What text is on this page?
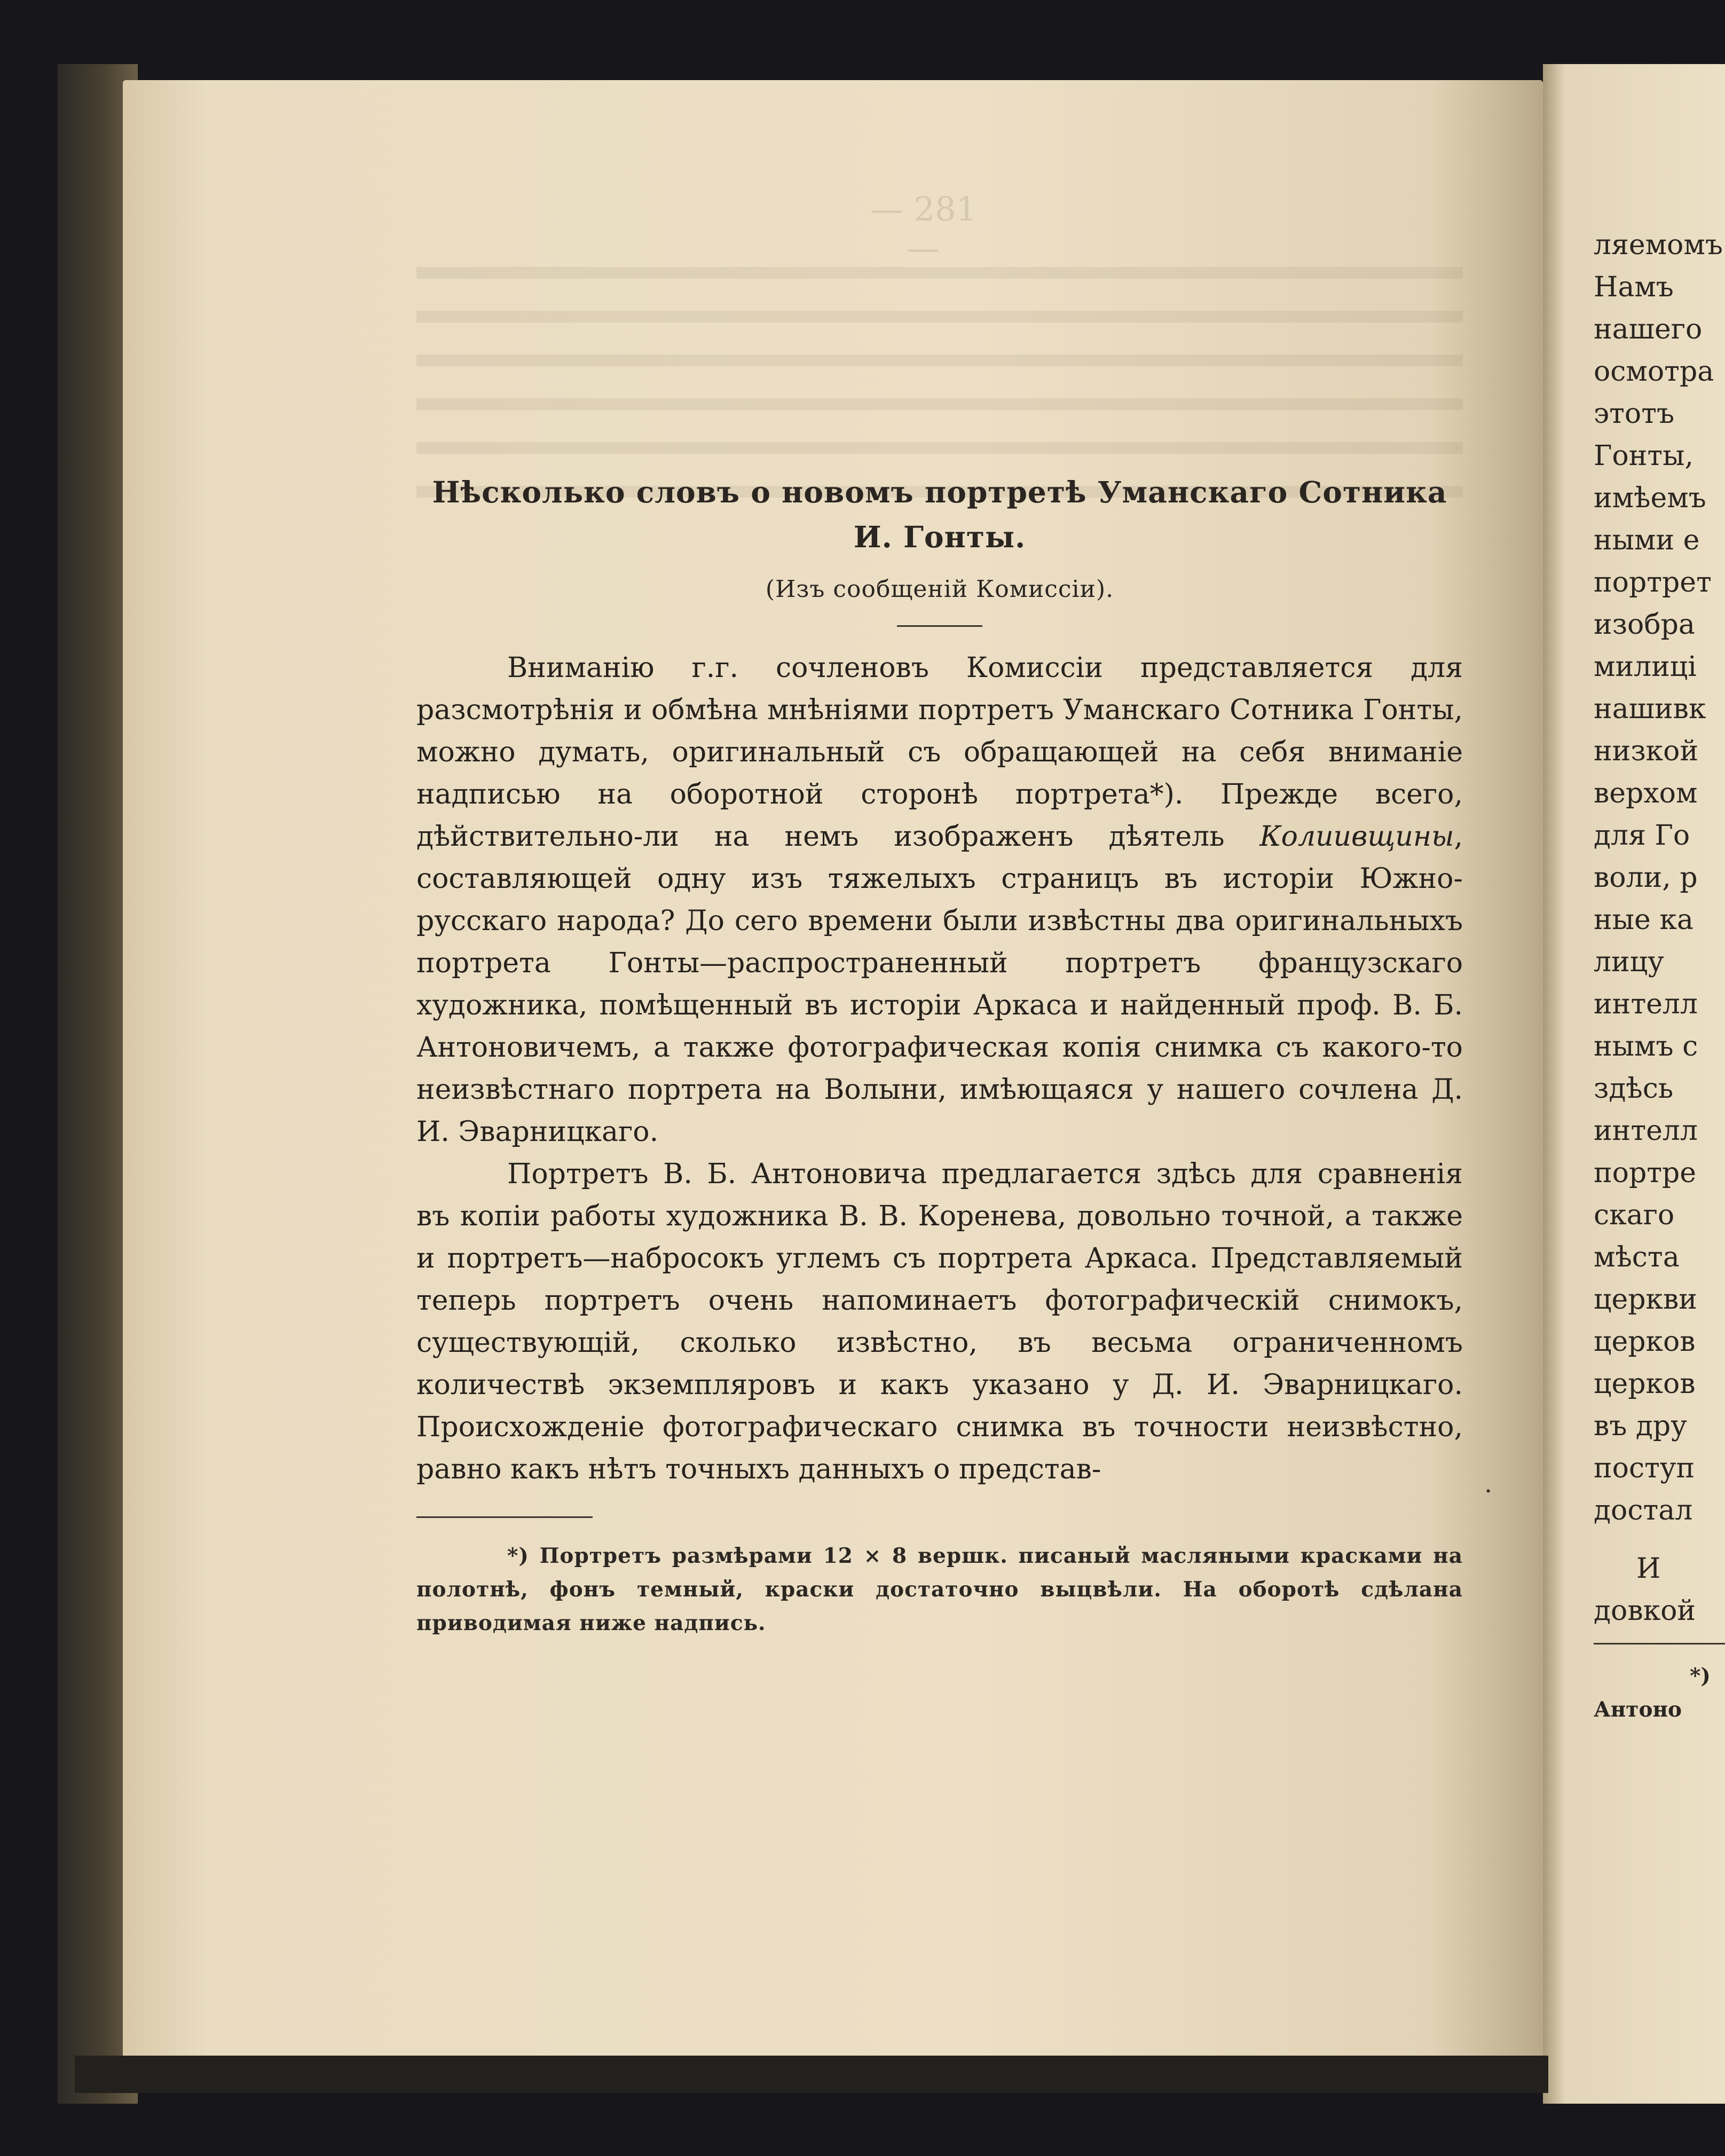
— 281 —
Нѣсколько словъ о новомъ портретѣ Уманскаго Сотника
И. Гонты.
(Изъ сообщеній Комиссіи).

Вниманію г.г. сочленовъ Комиссіи представляется для разсмотрѣнія и обмѣна мнѣніями портретъ Уманскаго Сотника Гонты, можно думать, оригинальный съ обращающей на себя вниманіе надписью на оборотной сторонѣ портрета*). Прежде всего, дѣйствительно-ли на немъ изображенъ дѣятель Колиивщины, составляющей одну изъ тяжелыхъ страницъ въ исторіи Южно-русскаго народа? До сего времени были извѣстны два оригинальныхъ портрета Гонты—распространенный портретъ французскаго художника, помѣщенный въ исторіи Аркаса и найденный проф. В. Б. Антоновичемъ, а также фотографическая копія снимка съ какого-то неизвѣстнаго портрета на Волыни, имѣющаяся у нашего сочлена Д. И. Эварницкаго.

Портретъ В. Б. Антоновича предлагается здѣсь для сравненія въ копіи работы художника В. В. Коренева, довольно точной, а также и портретъ—набросокъ углемъ съ портрета Аркаса. Представляемый теперь портретъ очень напоминаетъ фотографическій снимокъ, существующій, сколько извѣстно, въ весьма ограниченномъ количествѣ экземпляровъ и какъ указано у Д. И. Эварницкаго. Происхожденіе фотографическаго снимка въ точности неизвѣстно, равно какъ нѣтъ точныхъ данныхъ о представ-

*) Портретъ размѣрами 12 ⨯ 8 вершк. писаный масляными красками на полотнѣ, фонъ темный, краски достаточно выцвѣли. На оборотѣ сдѣлана приводимая ниже надпись.

·
ляемомъ
Намъ
нашего
осмотра
этотъ
Гонты,
имѣемъ
ными е
портрет
изобра
милиці
нашивк
низкой
верхом
для Го
воли, р
ные ка
лицу
интелл
нымъ с
здѣсь
интелл
портре
скаго
мѣста
церкви
церков
церков
въ дру
поступ
достал
И
довкой
*)
Антоно
